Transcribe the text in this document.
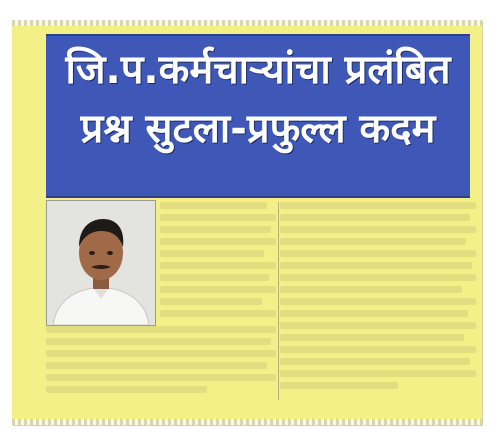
जि.प.कर्मचाऱ्यांचा प्रलंबित
प्रश्न सुटला-प्रफुल्ल कदम
